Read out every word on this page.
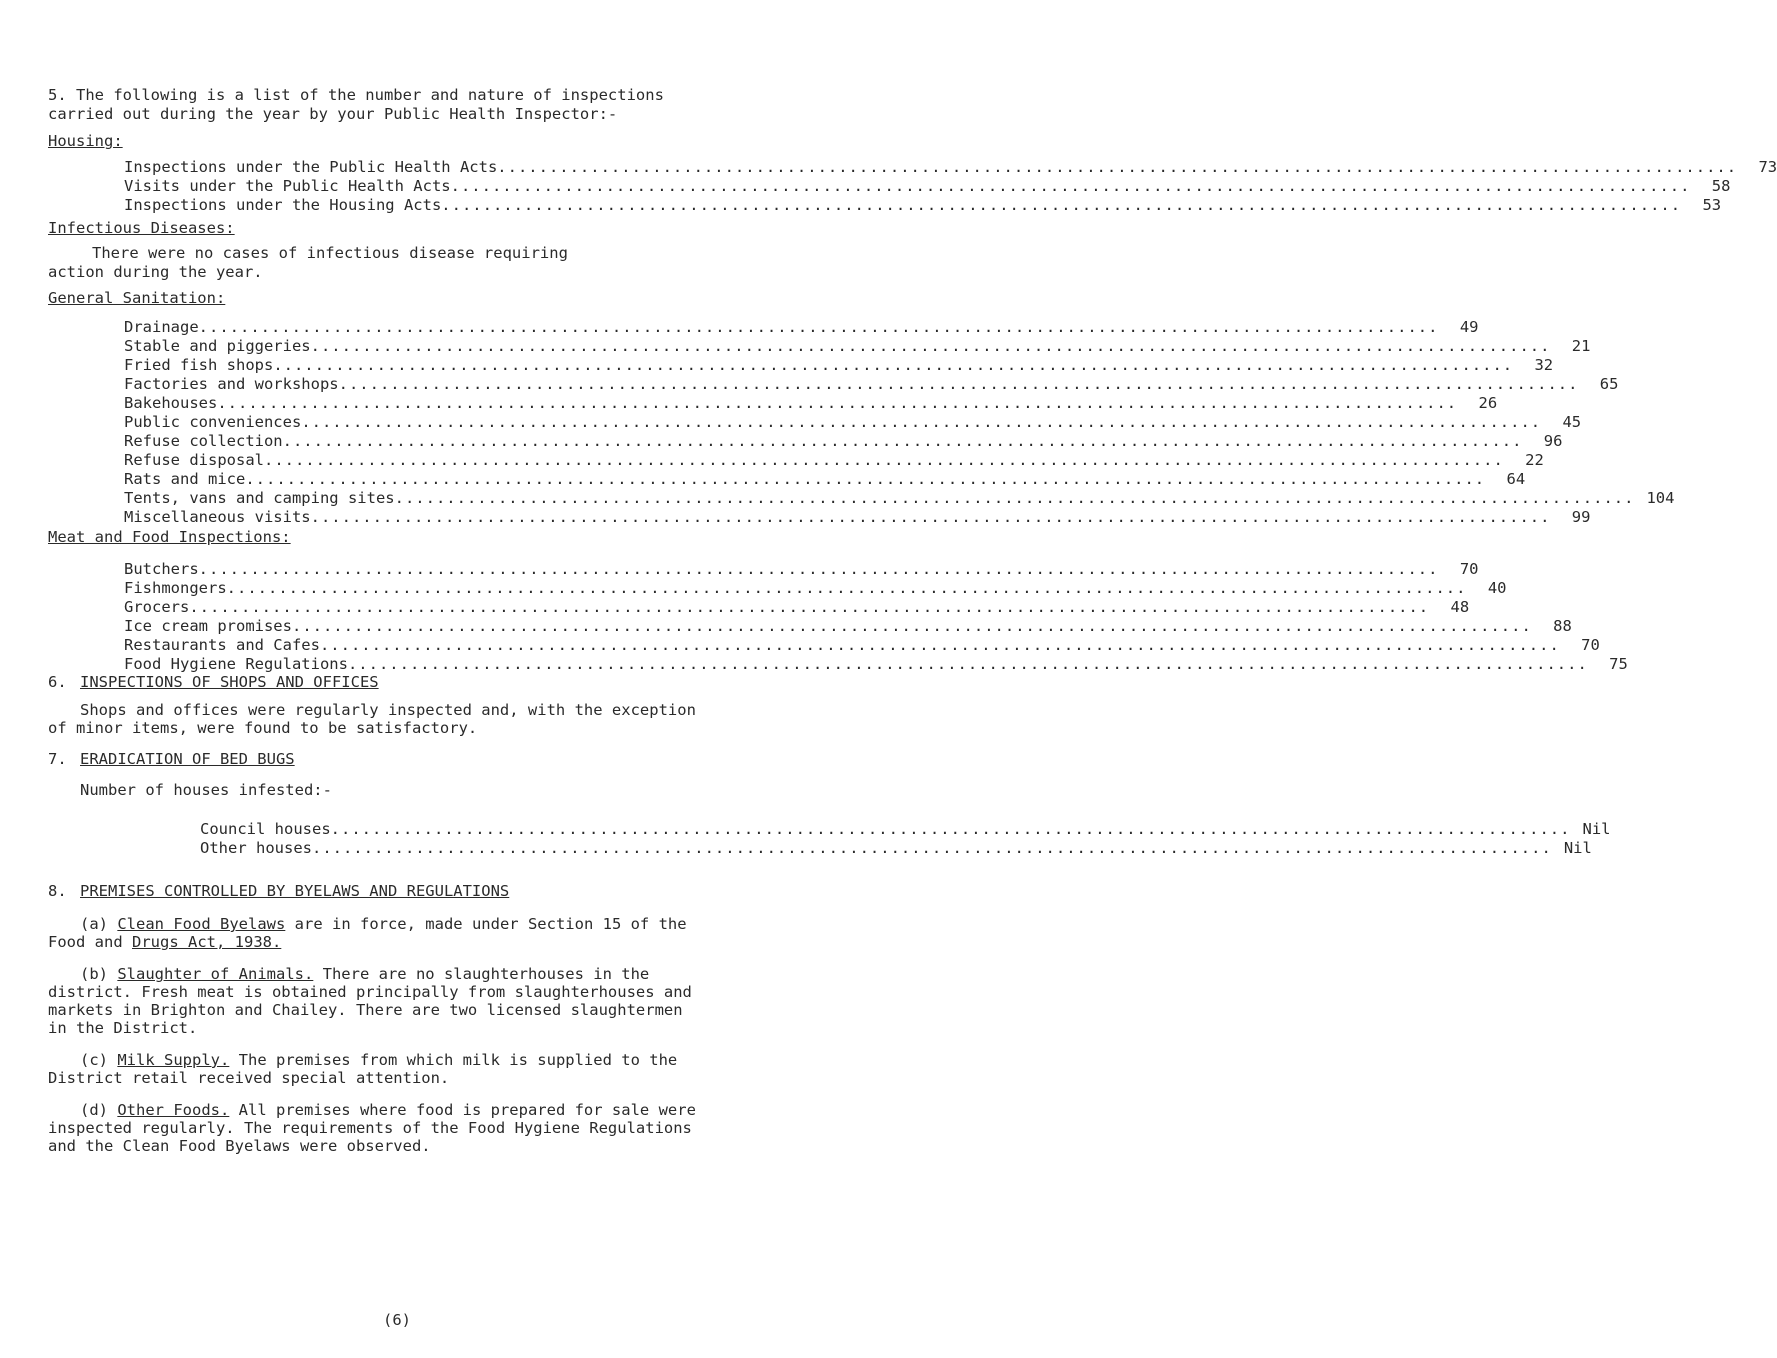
5. The following is a list of the number and nature of inspections
carried out during the year by your Public Health Inspector:-
Housing:
Inspections under the Public Health Acts ........................................................................................................................	73
Visits under the Public Health Acts ........................................................................................................................	58
Inspections under the Housing Acts ........................................................................................................................	53
Infectious Diseases:
There were no cases of infectious disease requiring
action during the year.
General Sanitation:
Drainage ........................................................................................................................	49
Stable and piggeries ........................................................................................................................	21
Fried fish shops ........................................................................................................................	32
Factories and workshops ........................................................................................................................	65
Bakehouses ........................................................................................................................	26
Public conveniences ........................................................................................................................	45
Refuse collection ........................................................................................................................	96
Refuse disposal ........................................................................................................................	22
Rats and mice ........................................................................................................................	64
Tents, vans and camping sites ........................................................................................................................ 104
Miscellaneous visits ........................................................................................................................	99
Meat and Food Inspections:
Butchers ........................................................................................................................	70
Fishmongers ........................................................................................................................	40
Grocers ........................................................................................................................	48
Ice cream promises ........................................................................................................................	88
Restaurants and Cafes ........................................................................................................................	70
Food Hygiene Regulations ........................................................................................................................	75
6. INSPECTIONS OF SHOPS AND OFFICES
Shops and offices were regularly inspected and, with the exception
of minor items, were found to be satisfactory.
7. ERADICATION OF BED BUGS
Number of houses infested:-
Council houses ........................................................................................................................ Nil
Other houses ........................................................................................................................ Nil
8. PREMISES CONTROLLED BY BYELAWS AND REGULATIONS
(a) Clean Food Byelaws are in force, made under Section 15 of the
Food and Drugs Act, 1938.
(b) Slaughter of Animals. There are no slaughterhouses in the
district. Fresh meat is obtained principally from slaughterhouses and
markets in Brighton and Chailey. There are two licensed slaughtermen
in the District.
(c) Milk Supply. The premises from which milk is supplied to the
District retail received special attention.
(d) Other Foods. All premises where food is prepared for sale were
inspected regularly. The requirements of the Food Hygiene Regulations
and the Clean Food Byelaws were observed.
(6)
